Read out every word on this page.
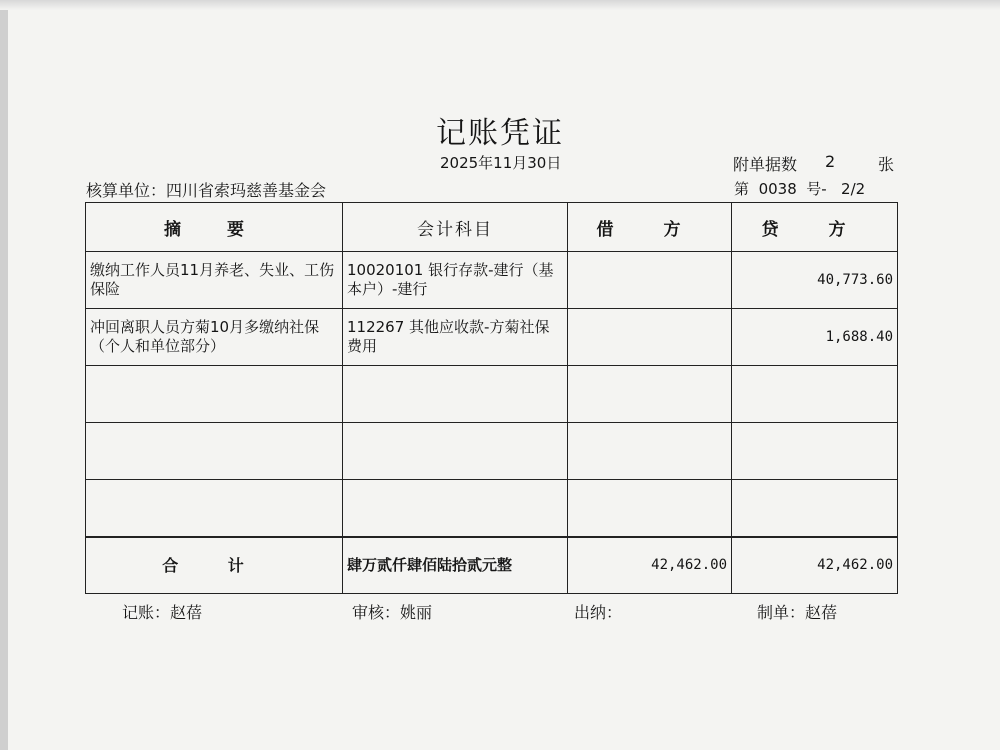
记账凭证
2025年11月30日	附单据数 2	张
核算单位：四川省索玛慈善基金会	第 0038 号- 2/2
摘 要	会计科目	借 方	贷 方
缴纳工作人员11月养老、失业、工伤保险	10020101 银行存款-建行（基本户）-建行		40,773.60
冲回离职人员方菊10月多缴纳社保（个人和单位部分）	112267 其他应收款-方菊社保费用		1,688.40

合 计	肆万贰仟肆佰陆拾贰元整	42,462.00	42,462.00
记账：赵蓓	审核：姚丽	出纳：	制单：赵蓓
